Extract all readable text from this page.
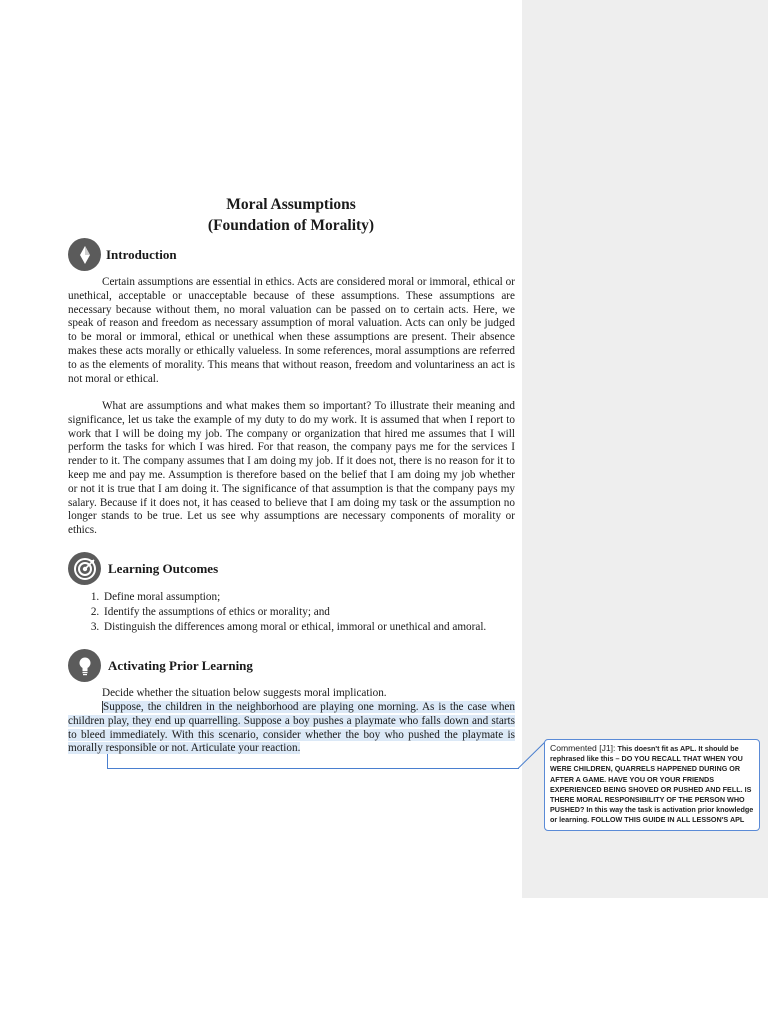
Moral Assumptions
(Foundation of Morality)
Introduction

Certain assumptions are essential in ethics. Acts are considered moral or immoral, ethical or unethical, acceptable or unacceptable because of these assumptions. These assumptions are necessary because without them, no moral valuation can be passed on to certain acts. Here, we speak of reason and freedom as necessary assumption of moral valuation. Acts can only be judged to be moral or immoral, ethical or unethical when these assumptions are present. Their absence makes these acts morally or ethically valueless. In some references, moral assumptions are referred to as the elements of morality. This means that without reason, freedom and voluntariness an act is not moral or ethical.

What are assumptions and what makes them so important? To illustrate their meaning and significance, let us take the example of my duty to do my work. It is assumed that when I report to work that I will be doing my job. The company or organization that hired me assumes that I will perform the tasks for which I was hired. For that reason, the company pays me for the services I render to it. The company assumes that I am doing my job. If it does not, there is no reason for it to keep me and pay me. Assumption is therefore based on the belief that I am doing my job whether or not it is true that I am doing it. The significance of that assumption is that the company pays my salary. Because if it does not, it has ceased to believe that I am doing my task or the assumption no longer stands to be true. Let us see why assumptions are necessary components of morality or ethics.

Learning Outcomes
1. Define moral assumption;
2. Identify the assumptions of ethics or morality; and
3. Distinguish the differences among moral or ethical, immoral or unethical and amoral.
Activating Prior Learning

Decide whether the situation below suggests moral implication.

Suppose, the children in the neighborhood are playing one morning. As is the case when children play, they end up quarrelling. Suppose a boy pushes a playmate who falls down and starts to bleed immediately. With this scenario, consider whether the boy who pushed the playmate is morally responsible or not. Articulate your reaction.	Commented [J1]: This doesn't fit as APL. It should be rephrased like this – DO YOU RECALL THAT WHEN YOU WERE CHILDREN, QUARRELS HAPPENED DURING OR AFTER A GAME. HAVE YOU OR YOUR FRIENDS EXPERIENCED BEING SHOVED OR PUSHED AND FELL. IS THERE MORAL RESPONSIBILITY OF THE PERSON WHO PUSHED? In this way the task is activation prior knowledge or learning. FOLLOW THIS GUIDE IN ALL LESSON'S APL
